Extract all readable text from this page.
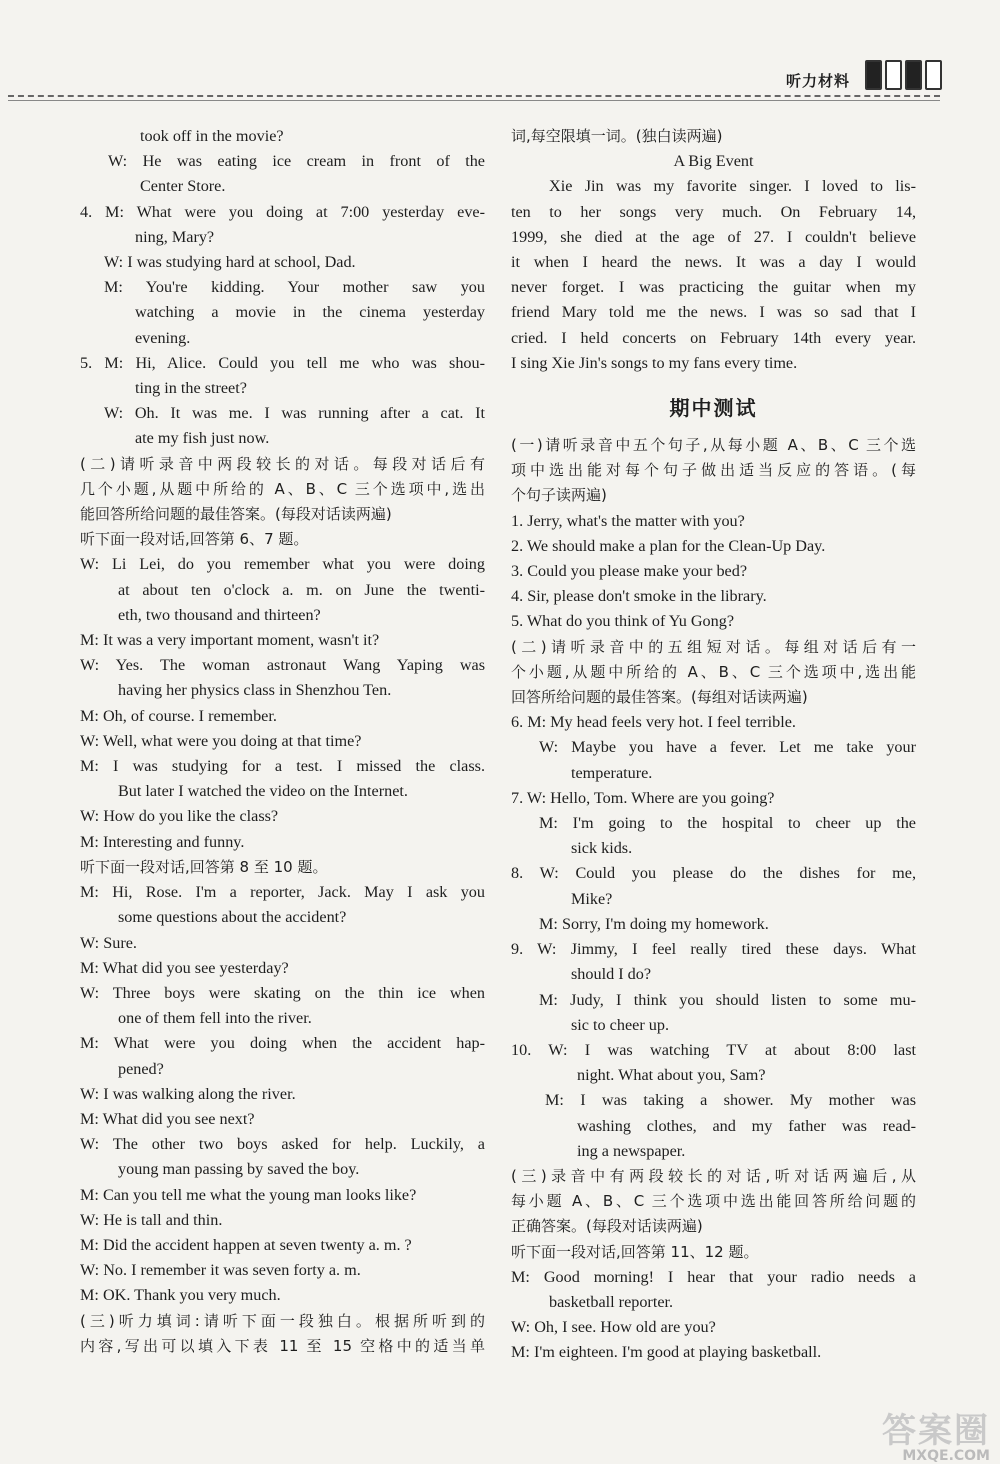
听力材料
took off in the movie?
W: He was eating ice cream in front of the
Center Store.
4. M: What were you doing at 7:00 yesterday eve-
ning, Mary?
W: I was studying hard at school, Dad.
M: You're kidding. Your mother saw you
watching a movie in the cinema yesterday
evening.
5. M: Hi, Alice. Could you tell me who was shou-
ting in the street?
W: Oh. It was me. I was running after a cat. It
ate my fish just now.
(二)请听录音中两段较长的对话。每段对话后有
几个小题,从题中所给的 A、B、C 三个选项中,选出
能回答所给问题的最佳答案。(每段对话读两遍)
听下面一段对话,回答第 6、7 题。
W: Li Lei, do you remember what you were doing
at about ten o'clock a. m. on June the twenti-
eth, two thousand and thirteen?
M: It was a very important moment, wasn't it?
W: Yes. The woman astronaut Wang Yaping was
having her physics class in Shenzhou Ten.
M: Oh, of course. I remember.
W: Well, what were you doing at that time?
M: I was studying for a test. I missed the class.
But later I watched the video on the Internet.
W: How do you like the class?
M: Interesting and funny.
听下面一段对话,回答第 8 至 10 题。
M: Hi, Rose. I'm a reporter, Jack. May I ask you
some questions about the accident?
W: Sure.
M: What did you see yesterday?
W: Three boys were skating on the thin ice when
one of them fell into the river.
M: What were you doing when the accident hap-
pened?
W: I was walking along the river.
M: What did you see next?
W: The other two boys asked for help. Luckily, a
young man passing by saved the boy.
M: Can you tell me what the young man looks like?
W: He is tall and thin.
M: Did the accident happen at seven twenty a. m. ?
W: No. I remember it was seven forty a. m.
M: OK. Thank you very much.
(三)听力填词:请听下面一段独白。根据所听到的
内容,写出可以填入下表 11 至 15 空格中的适当单
词,每空限填一词。(独白读两遍)
A Big Event
Xie Jin was my favorite singer. I loved to lis-
ten to her songs very much. On February 14,
1999, she died at the age of 27. I couldn't believe
it when I heard the news. It was a day I would
never forget. I was practicing the guitar when my
friend Mary told me the news. I was so sad that I
cried. I held concerts on February 14th every year.
I sing Xie Jin's songs to my fans every time.
期中测试
(一)请听录音中五个句子,从每小题 A、B、C 三个选
项中选出能对每个句子做出适当反应的答语。(每
个句子读两遍)
1. Jerry, what's the matter with you?
2. We should make a plan for the Clean-Up Day.
3. Could you please make your bed?
4. Sir, please don't smoke in the library.
5. What do you think of Yu Gong?
(二)请听录音中的五组短对话。每组对话后有一
个小题,从题中所给的 A、B、C 三个选项中,选出能
回答所给问题的最佳答案。(每组对话读两遍)
6. M: My head feels very hot. I feel terrible.
W: Maybe you have a fever. Let me take your
temperature.
7. W: Hello, Tom. Where are you going?
M: I'm going to the hospital to cheer up the
sick kids.
8. W: Could you please do the dishes for me,
Mike?
M: Sorry, I'm doing my homework.
9. W: Jimmy, I feel really tired these days. What
should I do?
M: Judy, I think you should listen to some mu-
sic to cheer up.
10. W: I was watching TV at about 8:00 last
night. What about you, Sam?
M: I was taking a shower. My mother was
washing clothes, and my father was read-
ing a newspaper.
(三)录音中有两段较长的对话,听对话两遍后,从
每小题 A、B、C 三个选项中选出能回答所给问题的
正确答案。(每段对话读两遍)
听下面一段对话,回答第 11、12 题。
M: Good morning! I hear that your radio needs a
basketball reporter.
W: Oh, I see. How old are you?
M: I'm eighteen. I'm good at playing basketball.
答案圈
MXQE.COM
